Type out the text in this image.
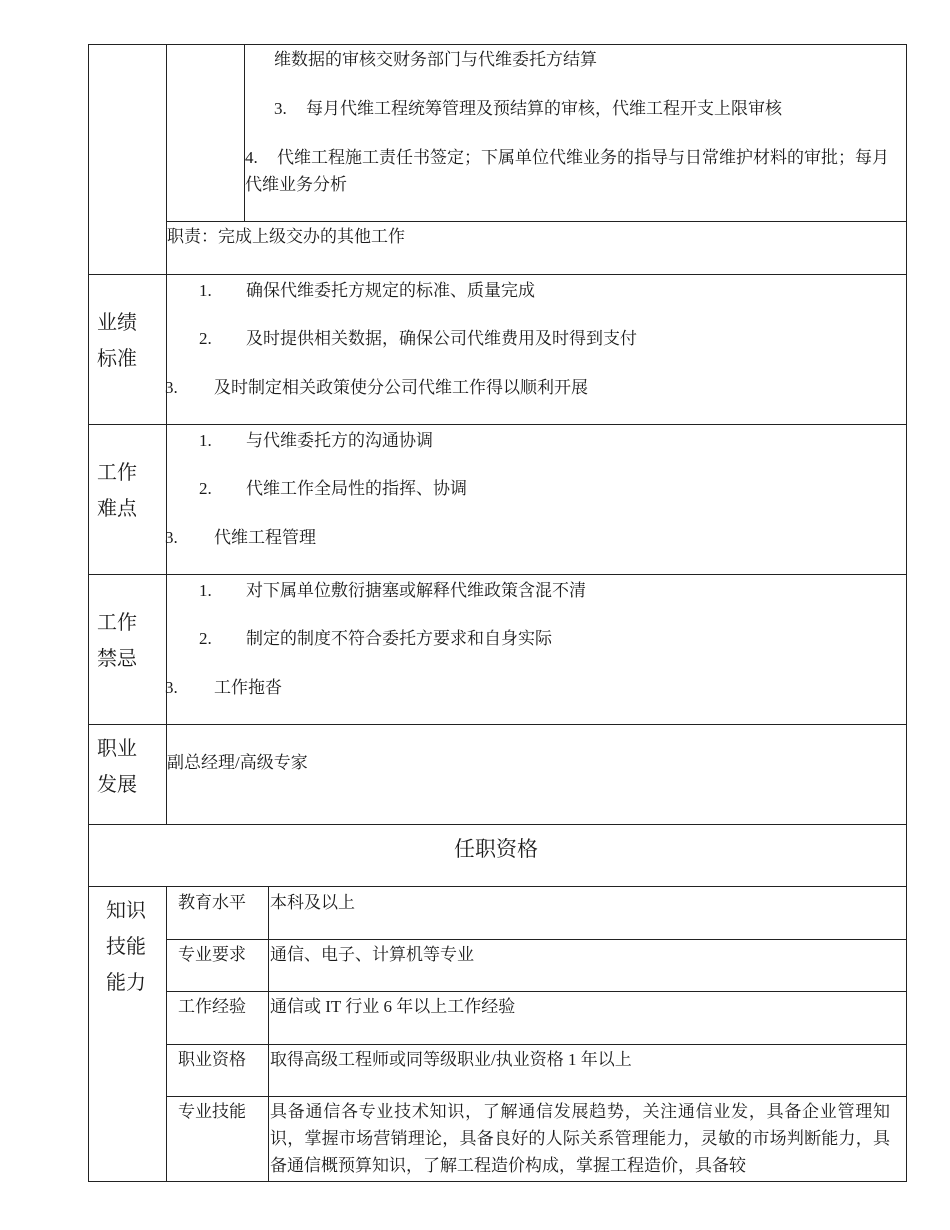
维数据的审核交财务部门与代维委托方结算
3. 每月代维工程统筹管理及预结算的审核，代维工程开支上限审核
4.	代维工程施工责任书签定；下属单位代维业务的指导与日常维护材料的审批；每月代维业务分析
职责：完成上级交办的其他工作
业绩
标准
1. 确保代维委托方规定的标准、质量完成
2. 及时提供相关数据，确保公司代维费用及时得到支付
3. 及时制定相关政策使分公司代维工作得以顺利开展
工作
难点
1. 与代维委托方的沟通协调
2. 代维工作全局性的指挥、协调
3. 代维工程管理
工作
禁忌
1. 对下属单位敷衍搪塞或解释代维政策含混不清
2. 制定的制度不符合委托方要求和自身实际
3. 工作拖沓
职业
发展
副总经理/高级专家
任职资格
知识
技能
能力
教育水平 本科及以上
专业要求 通信、电子、计算机等专业
工作经验 通信或 IT 行业 6 年以上工作经验
职业资格 取得高级工程师或同等级职业/执业资格 1 年以上
专业技能 具备通信各专业技术知识，了解通信发展趋势，关注通信业发，具备企业管理知识，掌握市场营销理论，具备良好的人际关系管理能力，灵敏的市场判断能力，具备通信概预算知识，了解工程造价构成，掌握工程造价，具备较
